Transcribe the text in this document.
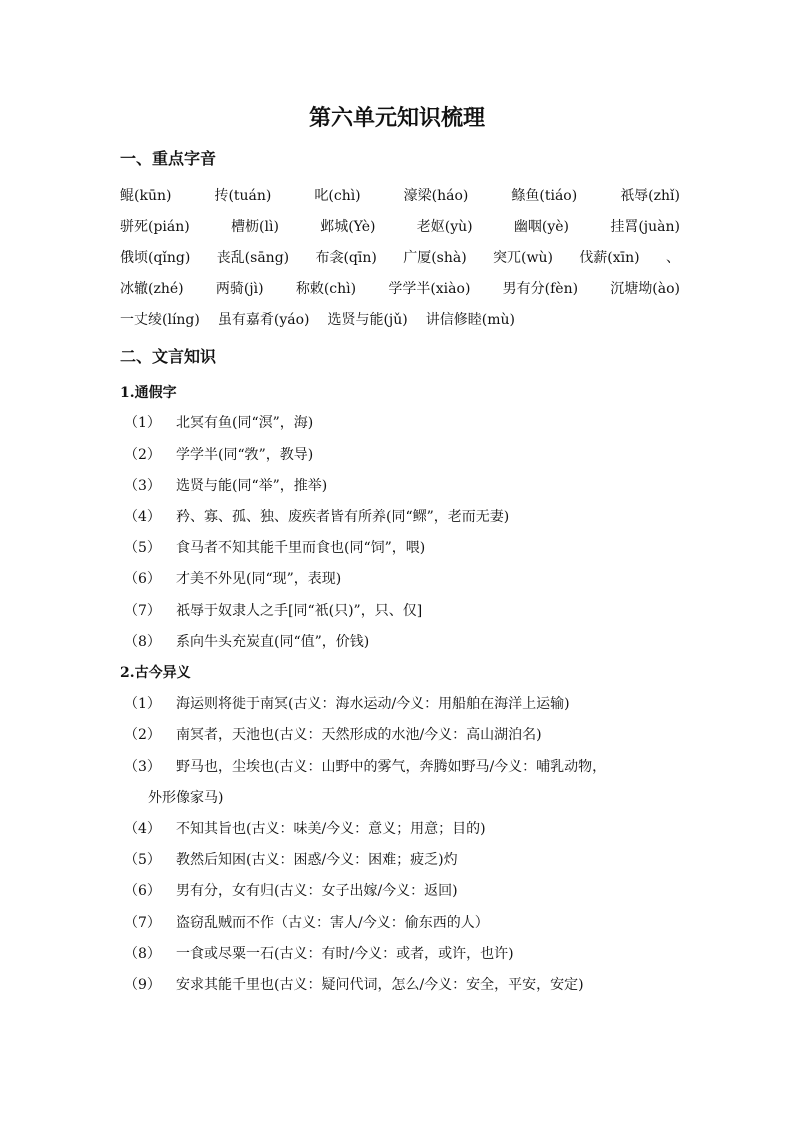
第六单元知识梳理
一、重点字音
鲲(kūn)	抟(tuán)	叱(chì)	濠梁(háo)	鲦鱼(tiáo)	祇辱(zhǐ)
骈死(pián)	槽枥(lì)	邺城(Yè)	老妪(yù)	幽咽(yè)	挂罥(juàn)
俄顷(qǐng) 丧乱(sāng) 布衾(qīn) 广厦(shà) 突兀(wù) 伐薪(xīn) 、
冰辙(zhé) 两骑(jì) 称敕(chì) 学学半(xiào) 男有分(fèn) 沉塘坳(ào)
一丈绫(líng) 虽有嘉肴(yáo) 选贤与能(jǔ) 讲信修睦(mù)
二、文言知识
1.通假字
（1） 北冥有鱼(同“溟”，海)
（2） 学学半(同“敩”，教导)
（3） 选贤与能(同“举”，推举)
（4） 矜、寡、孤、独、废疾者皆有所养(同“鳏”，老而无妻)
（5） 食马者不知其能千里而食也(同“饲”，喂)
（6） 才美不外见(同“现”，表现)
（7） 祇辱于奴隶人之手[同“衹(只)”，只、仅]
（8） 系向牛头充炭直(同“值”，价钱)
2.古今异义
（1） 海运则将徙于南冥(古义：海水运动/今义：用船舶在海洋上运输)
（2） 南冥者，天池也(古义：天然形成的水池/今义：高山湖泊名)
（3） 野马也，尘埃也(古义：山野中的雾气，奔腾如野马/今义：哺乳动物，
外形像家马)
（4） 不知其旨也(古义：味美/今义：意义；用意；目的)
（5） 教然后知困(古义：困惑/今义：困难；疲乏)灼
（6） 男有分，女有归(古义：女子出嫁/今义：返回)
（7） 盗窃乱贼而不作（古义：害人/今义：偷东西的人）
（8） 一食或尽粟一石(古义：有时/今义：或者，或许，也许)
（9） 安求其能千里也(古义：疑问代词，怎么/今义：安全，平安，安定)
